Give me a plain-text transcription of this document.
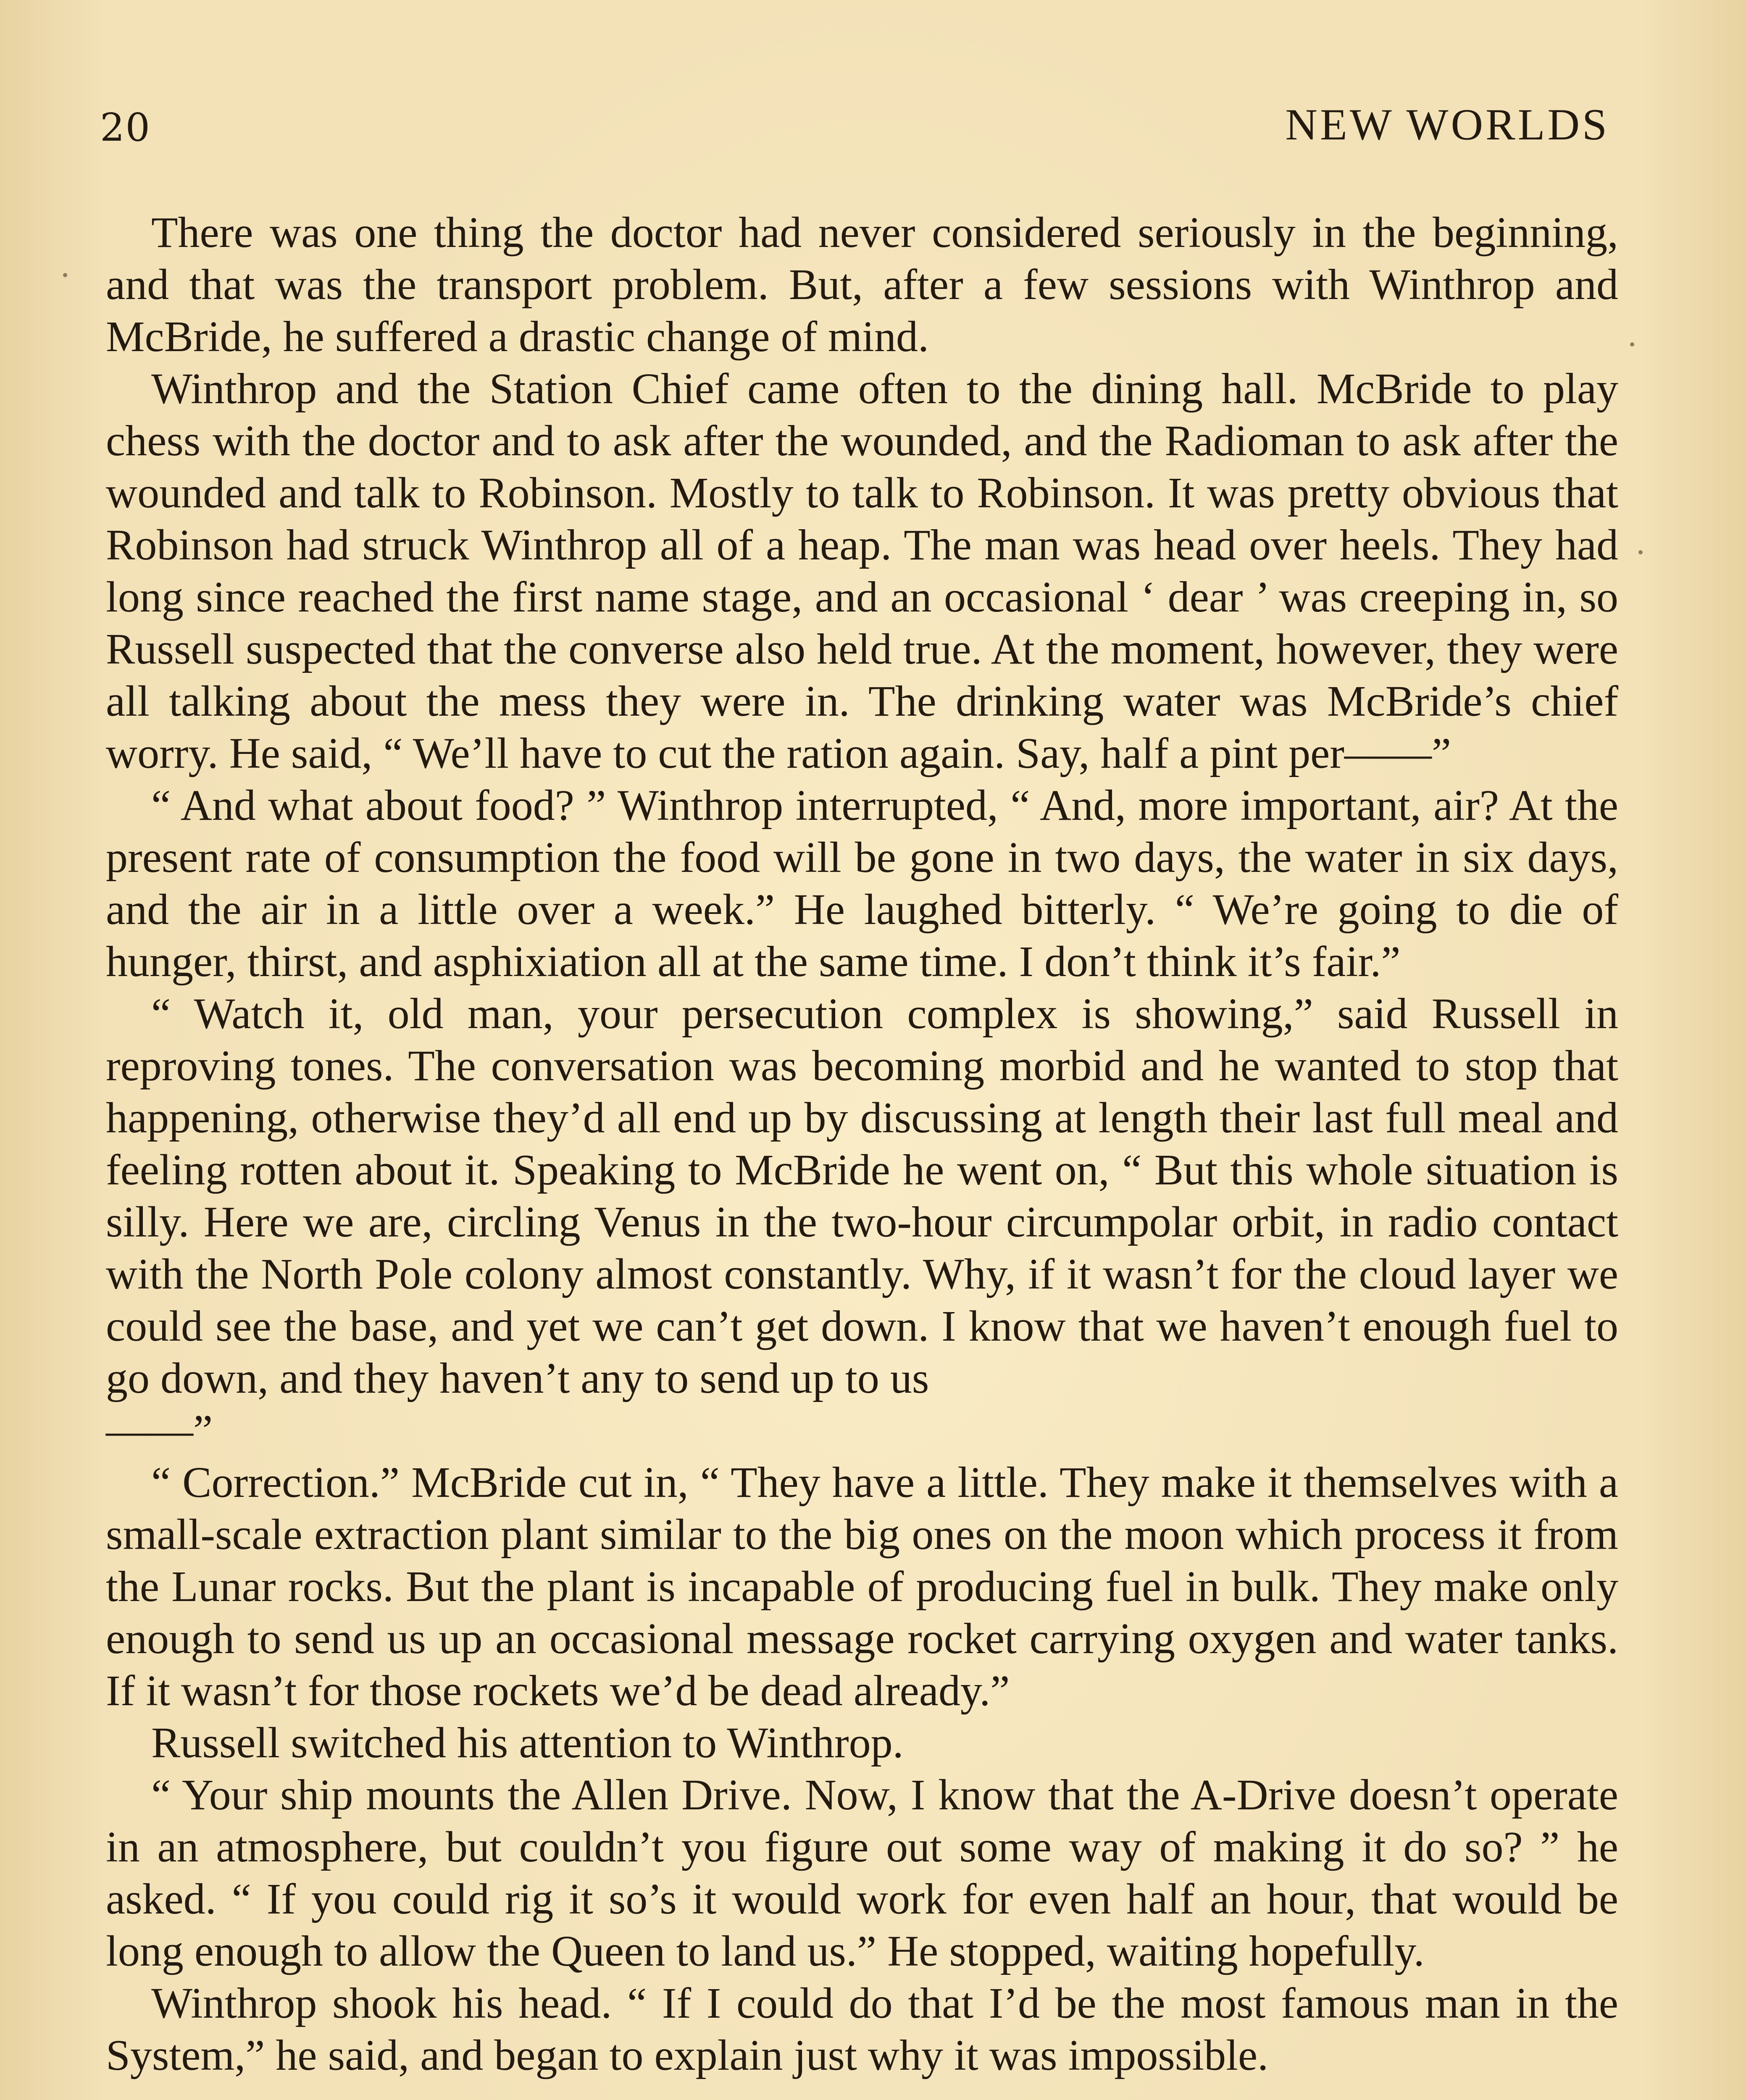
20	NEW WORLDS

There was one thing the doctor had never considered seriously in the beginning, and that was the transport problem. But, after a few sessions with Winthrop and McBride, he suffered a drastic change of mind.

Winthrop and the Station Chief came often to the dining hall. McBride to play chess with the doctor and to ask after the wounded, and the Radioman to ask after the wounded and talk to Robinson. Mostly to talk to Robinson. It was pretty obvious that Robinson had struck Winthrop all of a heap. The man was head over heels. They had long since reached the first name stage, and an occasional ‘ dear ’ was creeping in, so Russell suspected that the converse also held true. At the moment, however, they were all talking about the mess they were in. The drinking water was McBride’s chief worry. He said, “ We’ll have to cut the ration again. Say, half a pint per——”

“ And what about food? ” Winthrop interrupted, “ And, more important, air? At the present rate of consumption the food will be gone in two days, the water in six days, and the air in a little over a week.” He laughed bitterly. “ We’re going to die of hunger, thirst, and asphixiation all at the same time. I don’t think it’s fair.”

“ Watch it, old man, your persecution complex is showing,” said Russell in reproving tones. The conversation was becoming morbid and he wanted to stop that happening, otherwise they’d all end up by discussing at length their last full meal and feeling rotten about it. Speaking to McBride he went on, “ But this whole situation is silly. Here we are, circling Venus in the two-hour circumpolar orbit, in radio contact with the North Pole colony almost constantly. Why, if it wasn’t for the cloud layer we could see the base, and yet we can’t get down. I know that we haven’t enough fuel to go down, and they haven’t any to send up to us

——”

“ Correction.” McBride cut in, “ They have a little. They make it themselves with a small-scale extraction plant similar to the big ones on the moon which process it from the Lunar rocks. But the plant is incapable of producing fuel in bulk. They make only enough to send us up an occasional message rocket carrying oxygen and water tanks. If it wasn’t for those rockets we’d be dead already.”

Russell switched his attention to Winthrop.

“ Your ship mounts the Allen Drive. Now, I know that the A-Drive doesn’t operate in an atmosphere, but couldn’t you figure out some way of making it do so? ” he asked. “ If you could rig it so’s it would work for even half an hour, that would be long enough to allow the Queen to land us.” He stopped, waiting hopefully.

Winthrop shook his head. “ If I could do that I’d be the most famous man in the System,” he said, and began to explain just why it was impossible.
